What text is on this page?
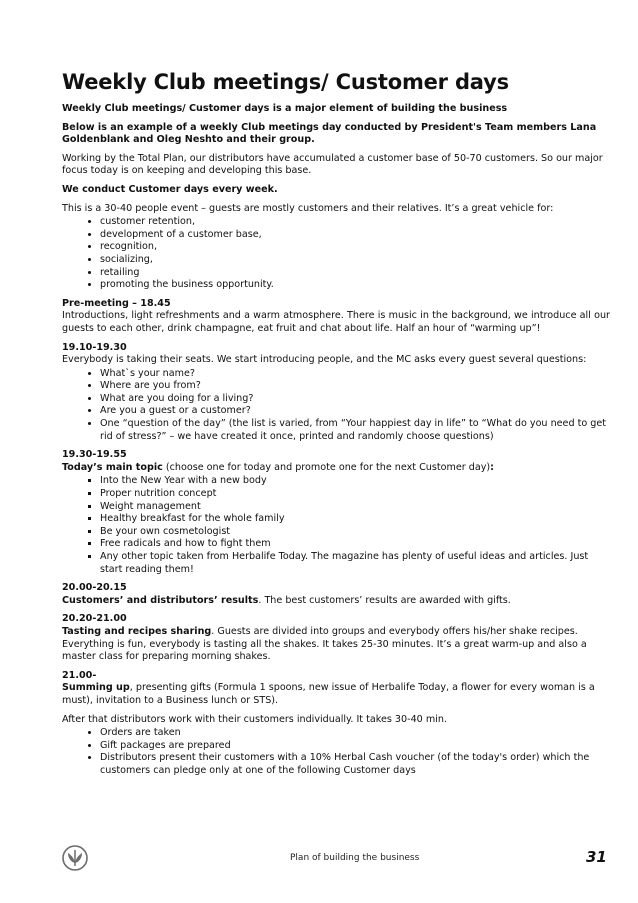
Weekly Club meetings/ Customer days

Weekly Club meetings/ Customer days is a major element of building the business

Below is an example of a weekly Club meetings day conducted by President's Team members Lana Goldenblank and Oleg Neshto and their group.

Working by the Total Plan, our distributors have accumulated a customer base of 50-70 customers. So our major focus today is on keeping and developing this base.

We conduct Customer days every week.

This is a 30-40 people event – guests are mostly customers and their relatives. It’s a great vehicle for:

• customer retention,
• development of a customer base,
• recognition,
• socializing,
• retailing
• promoting the business opportunity.

Pre-meeting – 18.45
Introductions, light refreshments and a warm atmosphere. There is music in the background, we introduce all our guests to each other, drink champagne, eat fruit and chat about life. Half an hour of “warming up”!

19.10-19.30
Everybody is taking their seats. We start introducing people, and the MC asks every guest several questions:

• What`s your name?
• Where are you from?
• What are you doing for a living?
• Are you a guest or a customer?
• One “question of the day” (the list is varied, from “Your happiest day in life” to “What do you need to get rid of stress?” – we have created it once, printed and randomly choose questions)

19.30-19.55
Today’s main topic (choose one for today and promote one for the next Customer day):

▪ Into the New Year with a new body
▪ Proper nutrition concept
▪ Weight management
▪ Healthy breakfast for the whole family
▪ Be your own cosmetologist
▪ Free radicals and how to fight them
▪ Any other topic taken from Herbalife Today. The magazine has plenty of useful ideas and articles. Just start reading them!

20.00-20.15
Customers’ and distributors’ results. The best customers’ results are awarded with gifts.

20.20-21.00
Tasting and recipes sharing. Guests are divided into groups and everybody offers his/her shake recipes. Everything is fun, everybody is tasting all the shakes. It takes 25-30 minutes. It’s a great warm-up and also a master class for preparing morning shakes.

21.00-
Summing up, presenting gifts (Formula 1 spoons, new issue of Herbalife Today, a flower for every woman is a must), invitation to a Business lunch or STS).

After that distributors work with their customers individually. It takes 30-40 min.

• Orders are taken
• Gift packages are prepared
• Distributors present their customers with a 10% Herbal Cash voucher (of the today's order) which the customers can pledge only at one of the following Customer days
Plan of building the business	31
